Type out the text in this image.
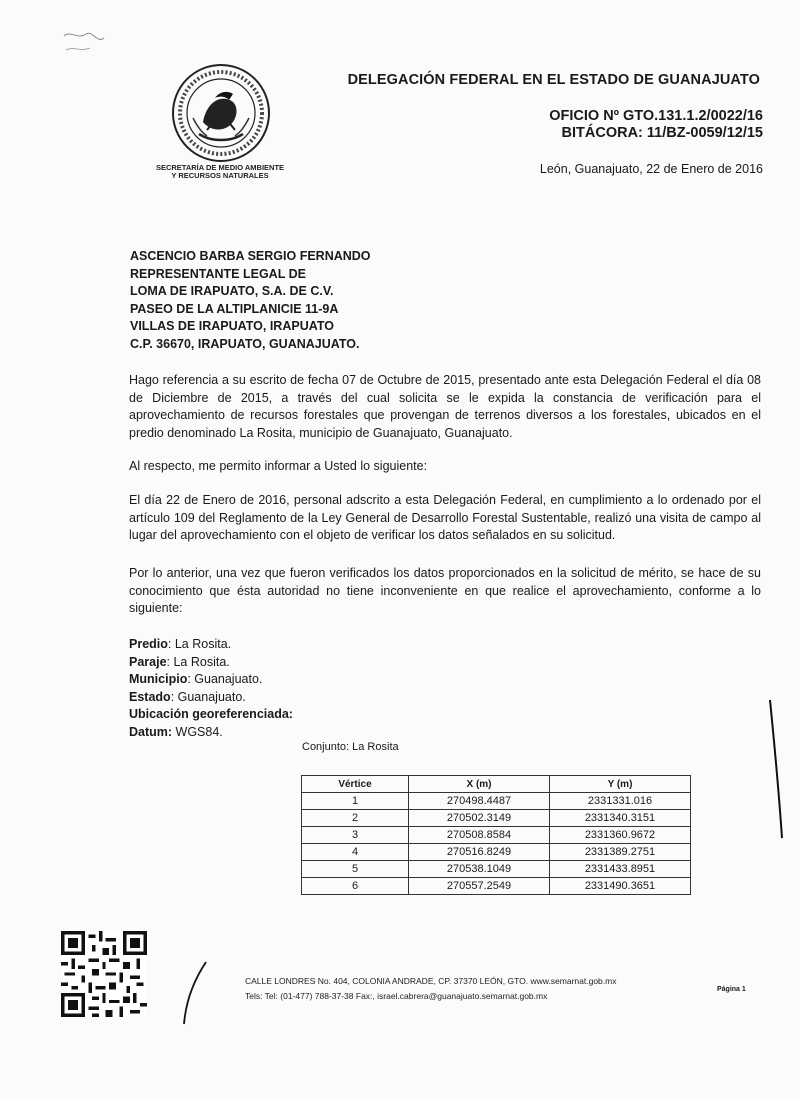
SECRETARÍA DE MEDIO AMBIENTE
Y RECURSOS NATURALES
DELEGACIÓN FEDERAL EN EL ESTADO DE GUANAJUATO
OFICIO Nº GTO.131.1.2/0022/16
BITÁCORA: 11/BZ-0059/12/15
León, Guanajuato, 22 de Enero de 2016
ASCENCIO BARBA SERGIO FERNANDO
REPRESENTANTE LEGAL DE
LOMA DE IRAPUATO, S.A. DE C.V.
PASEO DE LA ALTIPLANICIE 11-9A
VILLAS DE IRAPUATO, IRAPUATO
C.P. 36670, IRAPUATO, GUANAJUATO.
Hago referencia a su escrito de fecha 07 de Octubre de 2015, presentado ante esta Delegación Federal el día 08 de Diciembre de 2015, a través del cual solicita se le expida la constancia de verificación para el aprovechamiento de recursos forestales que provengan de terrenos diversos a los forestales, ubicados en el predio denominado La Rosita, municipio de Guanajuato, Guanajuato.
Al respecto, me permito informar a Usted lo siguiente:
El día 22 de Enero de 2016, personal adscrito a esta Delegación Federal, en cumplimiento a lo ordenado por el artículo 109 del Reglamento de la Ley General de Desarrollo Forestal Sustentable, realizó una visita de campo al lugar del aprovechamiento con el objeto de verificar los datos señalados en su solicitud.
Por lo anterior, una vez que fueron verificados los datos proporcionados en la solicitud de mérito, se hace de su conocimiento que ésta autoridad no tiene inconveniente en que realice el aprovechamiento, conforme a lo siguiente:
Predio: La Rosita.
Paraje: La Rosita.
Municipio: Guanajuato.
Estado: Guanajuato.
Ubicación georeferenciada:
Datum: WGS84.
Conjunto: La Rosita
Vértice	X (m)	Y (m)
1	270498.4487	2331331.016
2	270502.3149	2331340.3151
3	270508.8584	2331360.9672
4	270516.8249	2331389.2751
5	270538.1049	2331433.8951
6	270557.2549	2331490.3651
CALLE LONDRES No. 404, COLONIA ANDRADE, CP. 37370 LEÓN, GTO. www.semarnat.gob.mx
Tels: Tel: (01-477) 788-37-38 Fax:, israel.cabrera@guanajuato.semarnat.gob.mx
Página 1
